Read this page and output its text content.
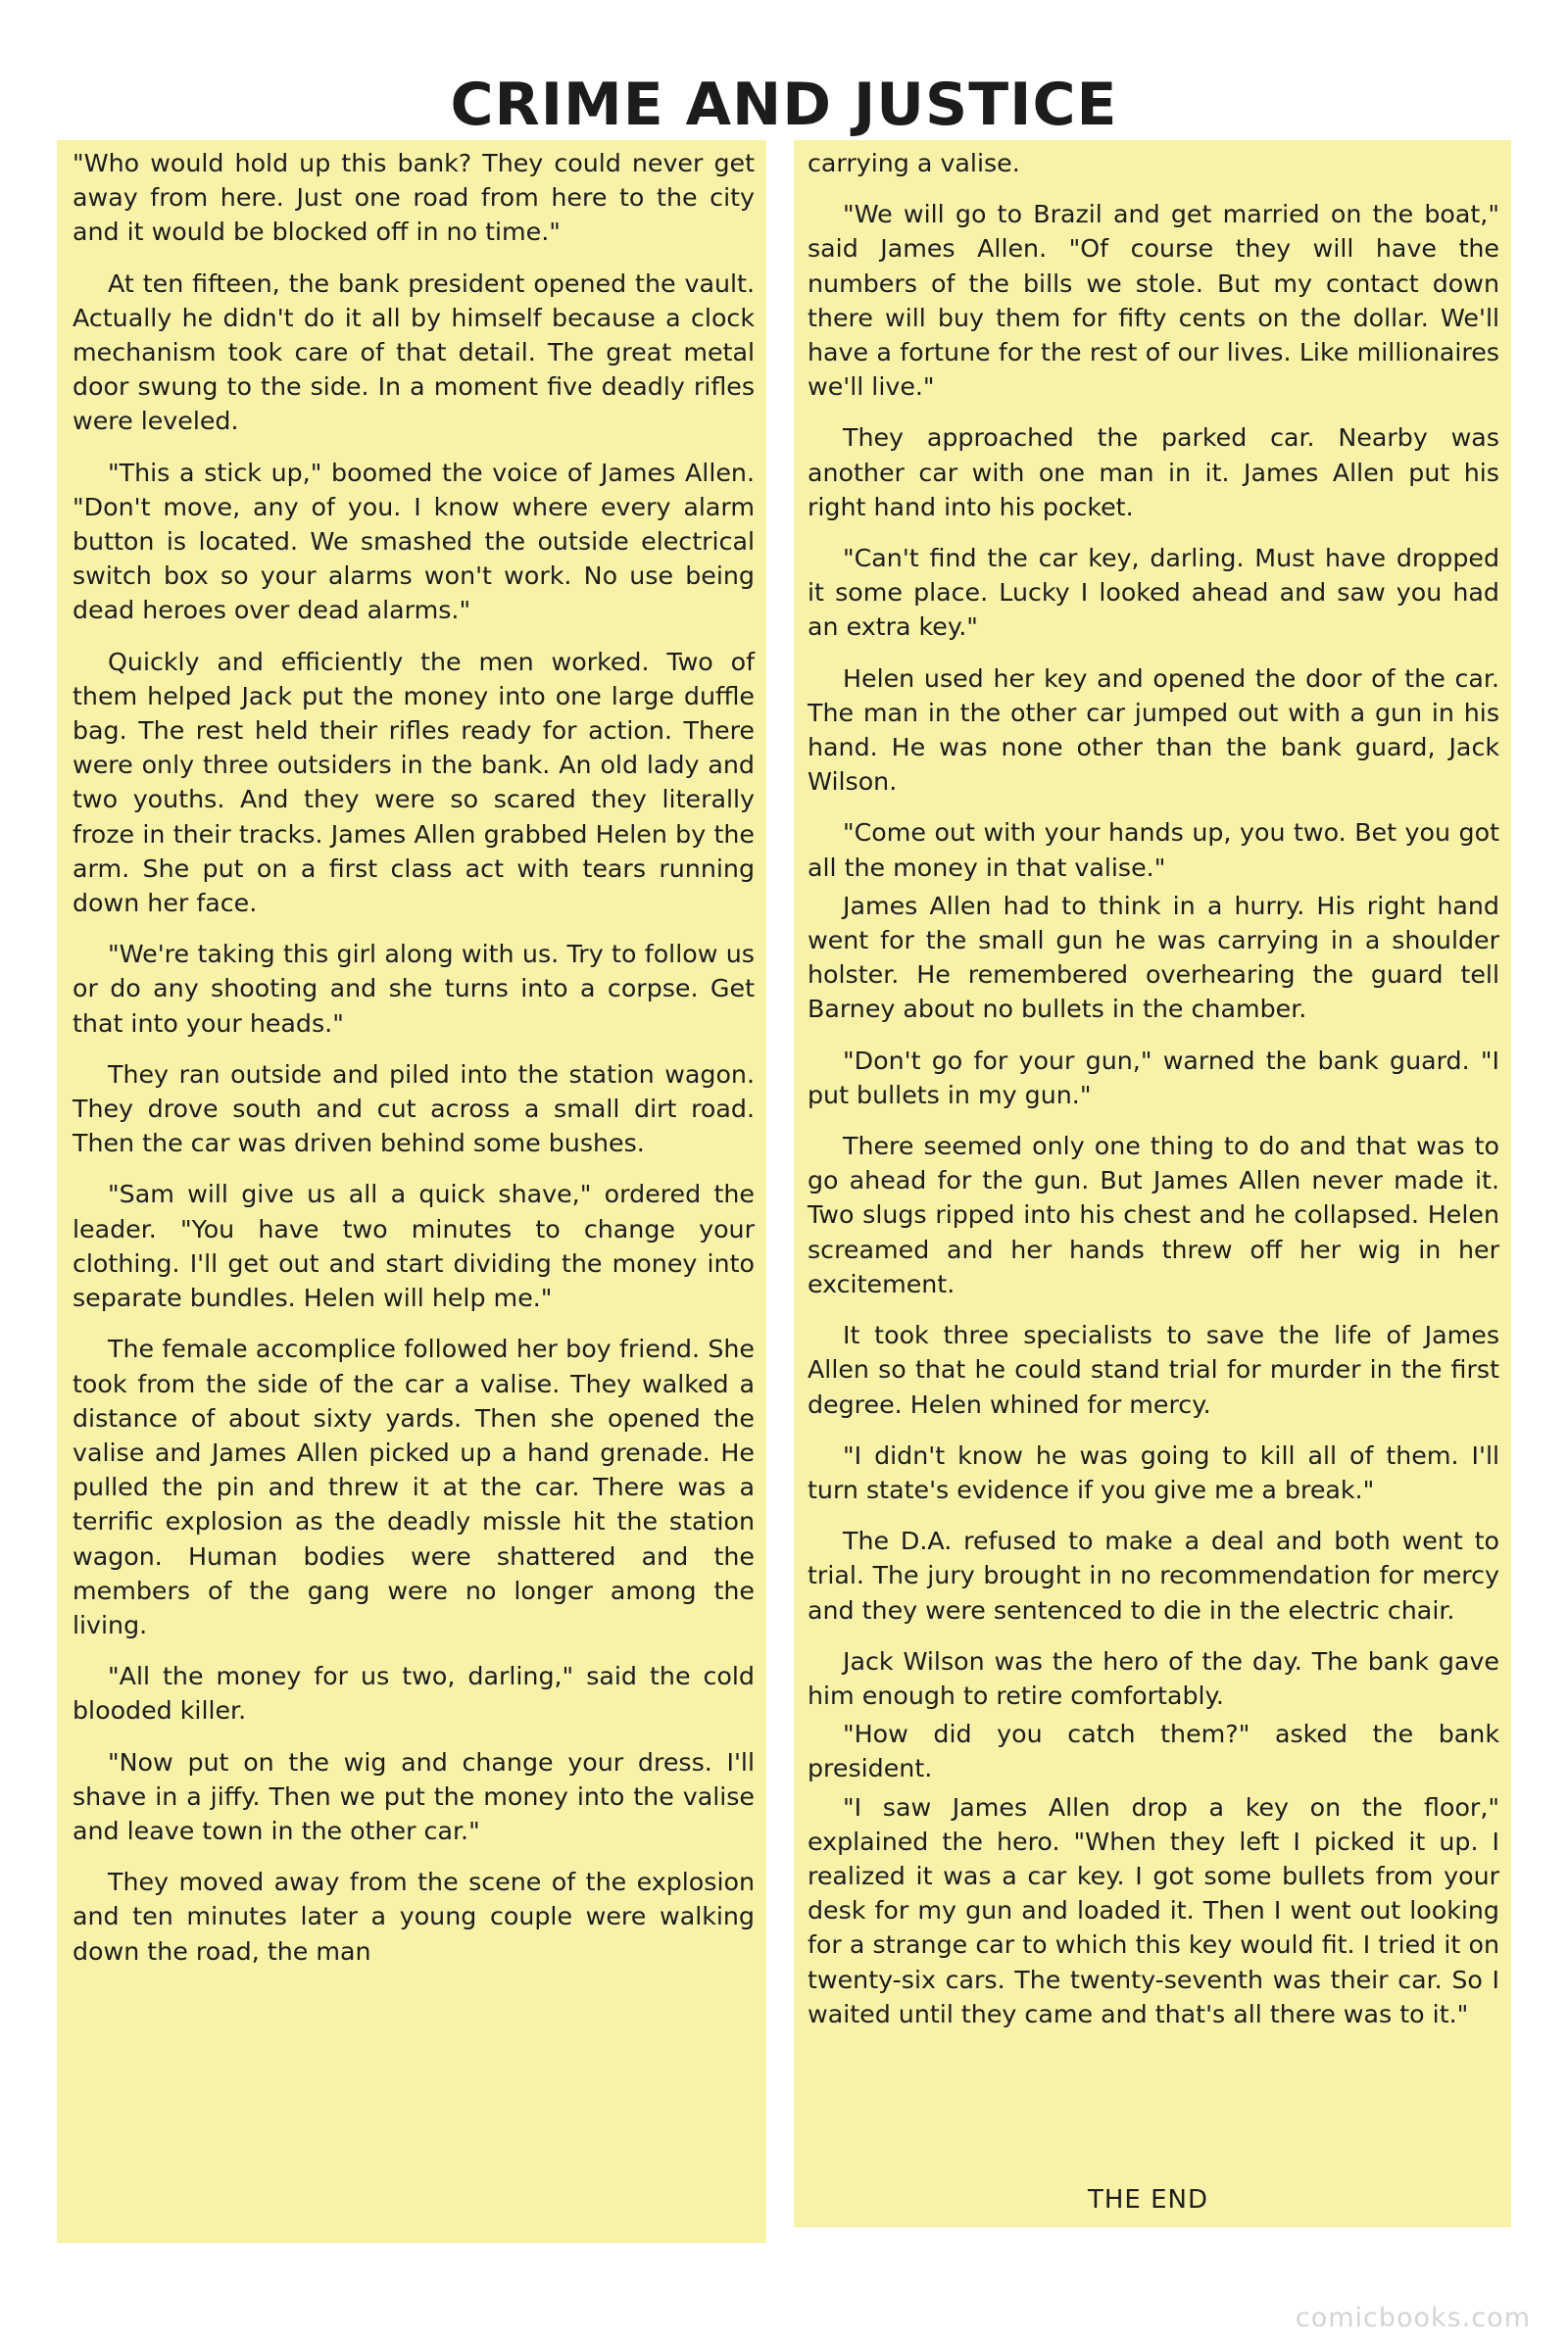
CRIME AND JUSTICE

"Who would hold up this bank? They could never get away from here. Just one road from here to the city and it would be blocked off in no time."

At ten fifteen, the bank president opened the vault. Actually he didn't do it all by himself because a clock mechanism took care of that detail. The great metal door swung to the side. In a moment five deadly rifles were leveled.

"This a stick up," boomed the voice of James Allen. "Don't move, any of you. I know where every alarm button is located. We smashed the outside electrical switch box so your alarms won't work. No use being dead heroes over dead alarms."

Quickly and efficiently the men worked. Two of them helped Jack put the money into one large duffle bag. The rest held their rifles ready for action. There were only three outsiders in the bank. An old lady and two youths. And they were so scared they literally froze in their tracks. James Allen grabbed Helen by the arm. She put on a first class act with tears running down her face.

"We're taking this girl along with us. Try to follow us or do any shooting and she turns into a corpse. Get that into your heads."

They ran outside and piled into the station wagon. They drove south and cut across a small dirt road. Then the car was driven behind some bushes.

"Sam will give us all a quick shave," ordered the leader. "You have two minutes to change your clothing. I'll get out and start dividing the money into separate bundles. Helen will help me."

The female accomplice followed her boy friend. She took from the side of the car a valise. They walked a distance of about sixty yards. Then she opened the valise and James Allen picked up a hand grenade. He pulled the pin and threw it at the car. There was a terrific explosion as the deadly missle hit the station wagon. Human bodies were shattered and the members of the gang were no longer among the living.

"All the money for us two, darling," said the cold blooded killer.

"Now put on the wig and change your dress. I'll shave in a jiffy. Then we put the money into the valise and leave town in the other car."

They moved away from the scene of the explosion and ten minutes later a young couple were walking down the road, the man

carrying a valise.

"We will go to Brazil and get married on the boat," said James Allen. "Of course they will have the numbers of the bills we stole. But my contact down there will buy them for fifty cents on the dollar. We'll have a fortune for the rest of our lives. Like millionaires we'll live."

They approached the parked car. Nearby was another car with one man in it. James Allen put his right hand into his pocket.

"Can't find the car key, darling. Must have dropped it some place. Lucky I looked ahead and saw you had an extra key."

Helen used her key and opened the door of the car. The man in the other car jumped out with a gun in his hand. He was none other than the bank guard, Jack Wilson.

"Come out with your hands up, you two. Bet you got all the money in that valise."

James Allen had to think in a hurry. His right hand went for the small gun he was carrying in a shoulder holster. He remembered overhearing the guard tell Barney about no bullets in the chamber.

"Don't go for your gun," warned the bank guard. "I put bullets in my gun."

There seemed only one thing to do and that was to go ahead for the gun. But James Allen never made it. Two slugs ripped into his chest and he collapsed. Helen screamed and her hands threw off her wig in her excitement.

It took three specialists to save the life of James Allen so that he could stand trial for murder in the first degree. Helen whined for mercy.

"I didn't know he was going to kill all of them. I'll turn state's evidence if you give me a break."

The D.A. refused to make a deal and both went to trial. The jury brought in no recommendation for mercy and they were sentenced to die in the electric chair.

Jack Wilson was the hero of the day. The bank gave him enough to retire comfortably.

"How did you catch them?" asked the bank president.

"I saw James Allen drop a key on the floor," explained the hero. "When they left I picked it up. I realized it was a car key. I got some bullets from your desk for my gun and loaded it. Then I went out looking for a strange car to which this key would fit. I tried it on twenty-six cars. The twenty-seventh was their car. So I waited until they came and that's all there was to it."

THE END
comicbooks.com
